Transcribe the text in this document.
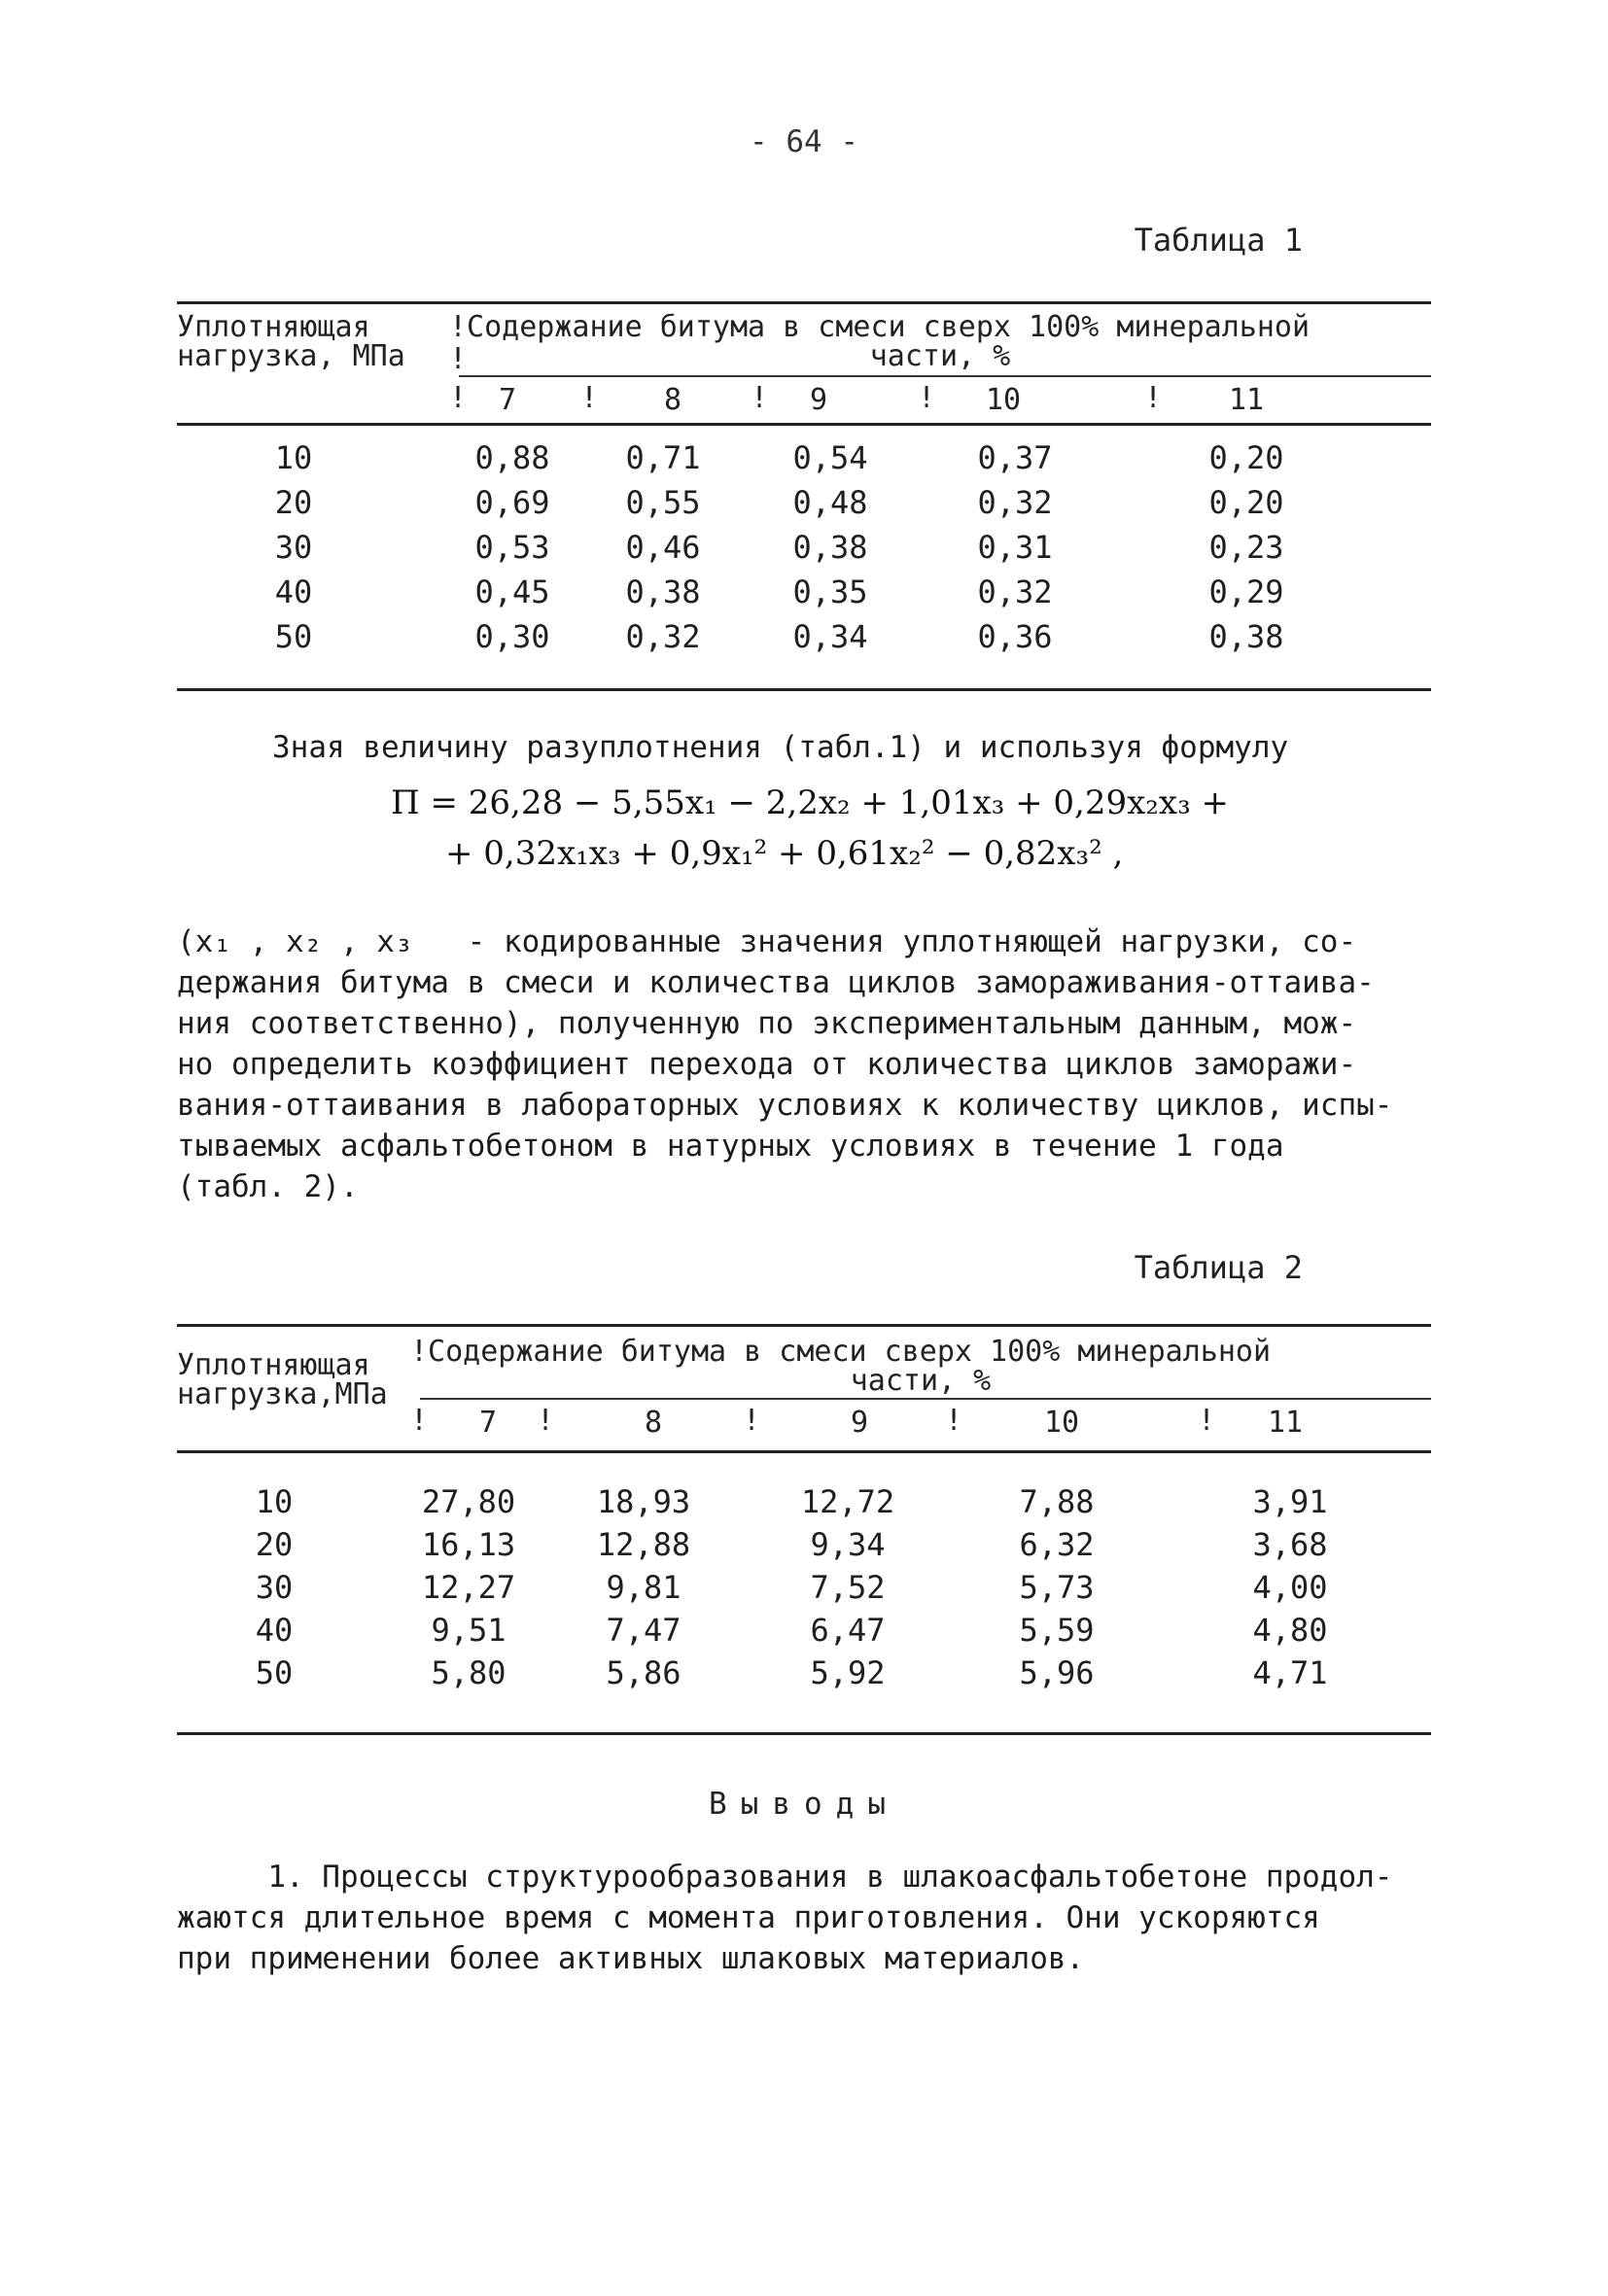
- 64 -
Таблица 1
Уплотняющая
нагрузка, МПа
!Содержание битума в смеси сверх 100% минеральной
части, %
!
!	7	!	8	!	9	!	10	!	11
10	0,88	0,71	0,54	0,37	0,20
20	0,69	0,55	0,48	0,32	0,20
30	0,53	0,46	0,38	0,31	0,23
40	0,45	0,38	0,35	0,32	0,29
50	0,30	0,32	0,34	0,36	0,38
Зная величину разуплотнения (табл.1) и используя формулу
П = 26,28 − 5,55x₁ − 2,2x₂ + 1,01x₃ + 0,29x₂x₃ +
+ 0,32x₁x₃ + 0,9x₁² + 0,61x₂² − 0,82x₃² ,
(x₁ , x₂ , x₃   - кодированные значения уплотняющей нагрузки, со-
держания битума в смеси и количества циклов замораживания-оттаива-
ния соответственно), полученную по экспериментальным данным, мож-
но определить коэффициент перехода от количества циклов заморажи-
вания-оттаивания в лабораторных условиях к количеству циклов, испы-
тываемых асфальтобетоном в натурных условиях в течение 1 года
(табл. 2).
Таблица 2
Уплотняющая
нагрузка,МПа
!Содержание битума в смеси сверх 100% минеральной
части, %
!	7	!	8	!	9	!	10	!	11
10	27,80	18,93	12,72	7,88	3,91
20	16,13	12,88	9,34	6,32	3,68
30	12,27	9,81	7,52	5,73	4,00
40	9,51	7,47	6,47	5,59	4,80
50	5,80	5,86	5,92	5,96	4,71
Выводы
1. Процессы структурообразования в шлакоасфальтобетоне продол-
жаются длительное время с момента приготовления. Они ускоряются
при применении более активных шлаковых материалов.
